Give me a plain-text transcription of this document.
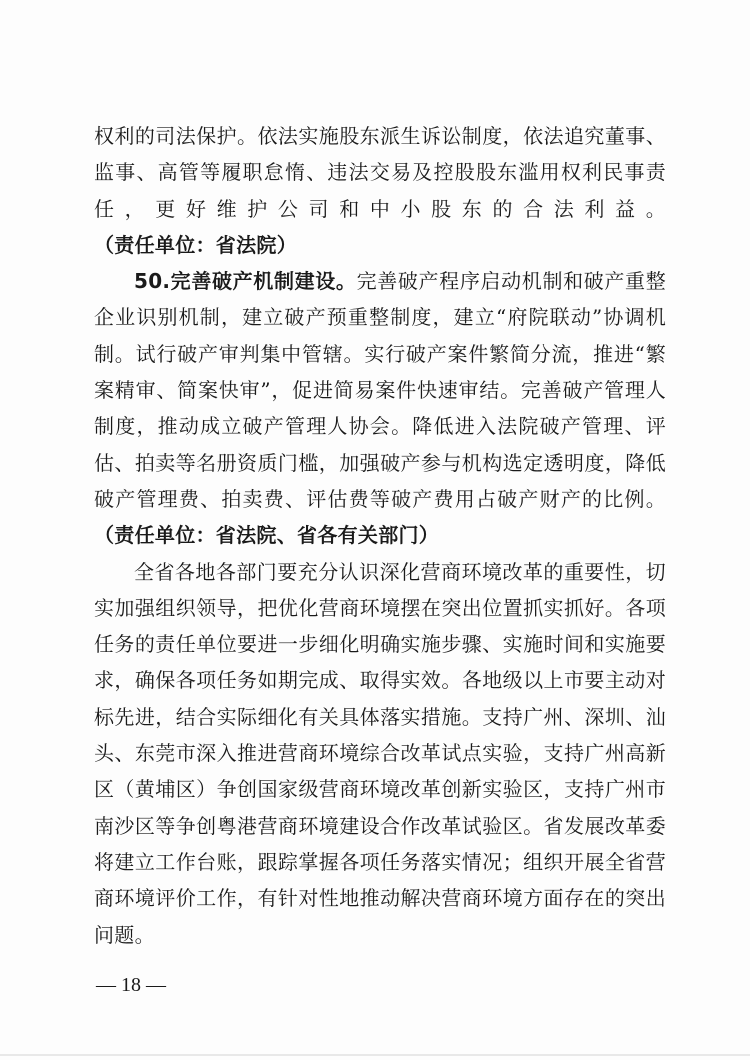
权利的司法保护。依法实施股东派生诉讼制度，依法追究董事、监事、高管等履职怠惰、违法交易及控股股东滥用权利民事责任，更好维护公司和中小股东的合法利益。（责任单位：省法院）

50.完善破产机制建设。完善破产程序启动机制和破产重整企业识别机制，建立破产预重整制度，建立“府院联动”协调机制。试行破产审判集中管辖。实行破产案件繁简分流，推进“繁案精审、简案快审”，促进简易案件快速审结。完善破产管理人制度，推动成立破产管理人协会。降低进入法院破产管理、评估、拍卖等名册资质门槛，加强破产参与机构选定透明度，降低破产管理费、拍卖费、评估费等破产费用占破产财产的比例。（责任单位：省法院、省各有关部门）

全省各地各部门要充分认识深化营商环境改革的重要性，切实加强组织领导，把优化营商环境摆在突出位置抓实抓好。各项任务的责任单位要进一步细化明确实施步骤、实施时间和实施要求，确保各项任务如期完成、取得实效。各地级以上市要主动对标先进，结合实际细化有关具体落实措施。支持广州、深圳、汕头、东莞市深入推进营商环境综合改革试点实验，支持广州高新区（黄埔区）争创国家级营商环境改革创新实验区，支持广州市南沙区等争创粤港营商环境建设合作改革试验区。省发展改革委将建立工作台账，跟踪掌握各项任务落实情况；组织开展全省营商环境评价工作，有针对性地推动解决营商环境方面存在的突出问题。

— 18 —
